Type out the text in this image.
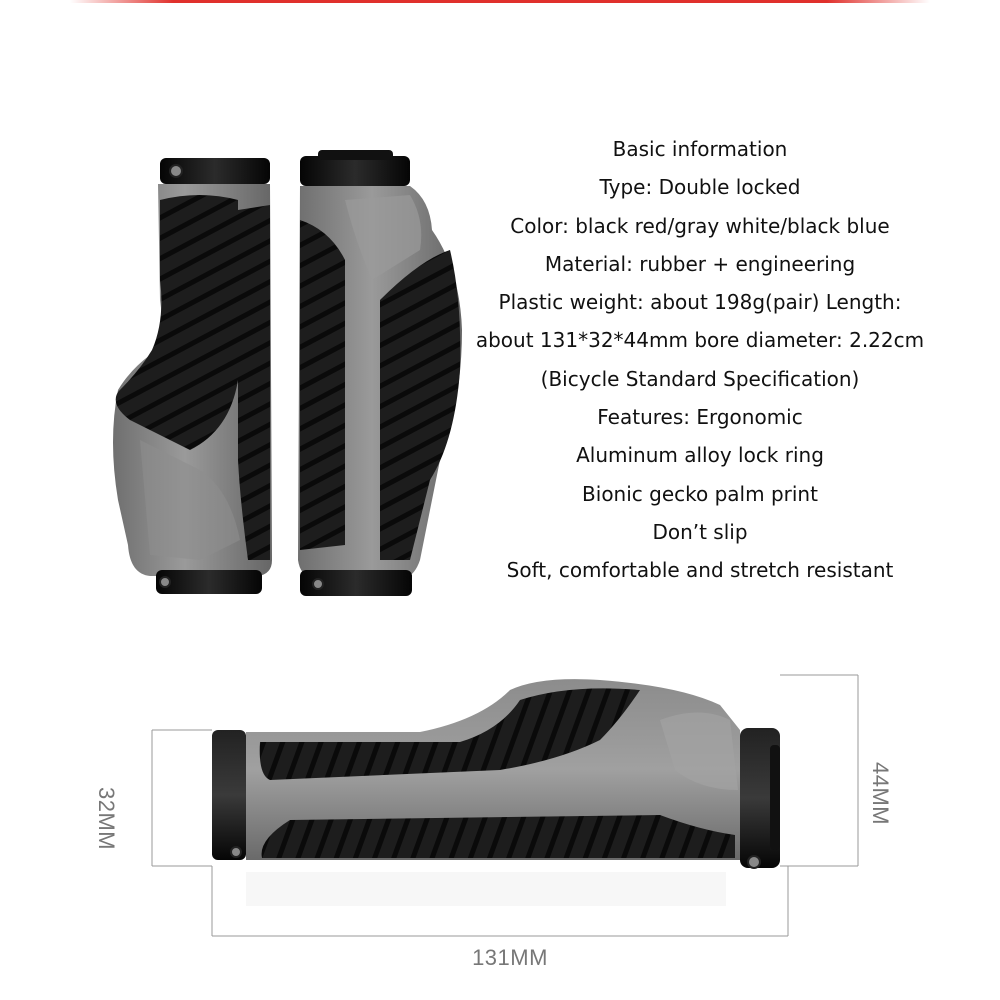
Basic information

Type: Double locked

Color: black red/gray white/black blue

Material: rubber + engineering

Plastic weight: about 198g(pair) Length:

about 131*32*44mm bore diameter: 2.22cm

(Bicycle Standard Specification)

Features: Ergonomic

Aluminum alloy lock ring

Bionic gecko palm print

Don’t slip

Soft, comfortable and stretch resistant

32MM	44MM
131MM
